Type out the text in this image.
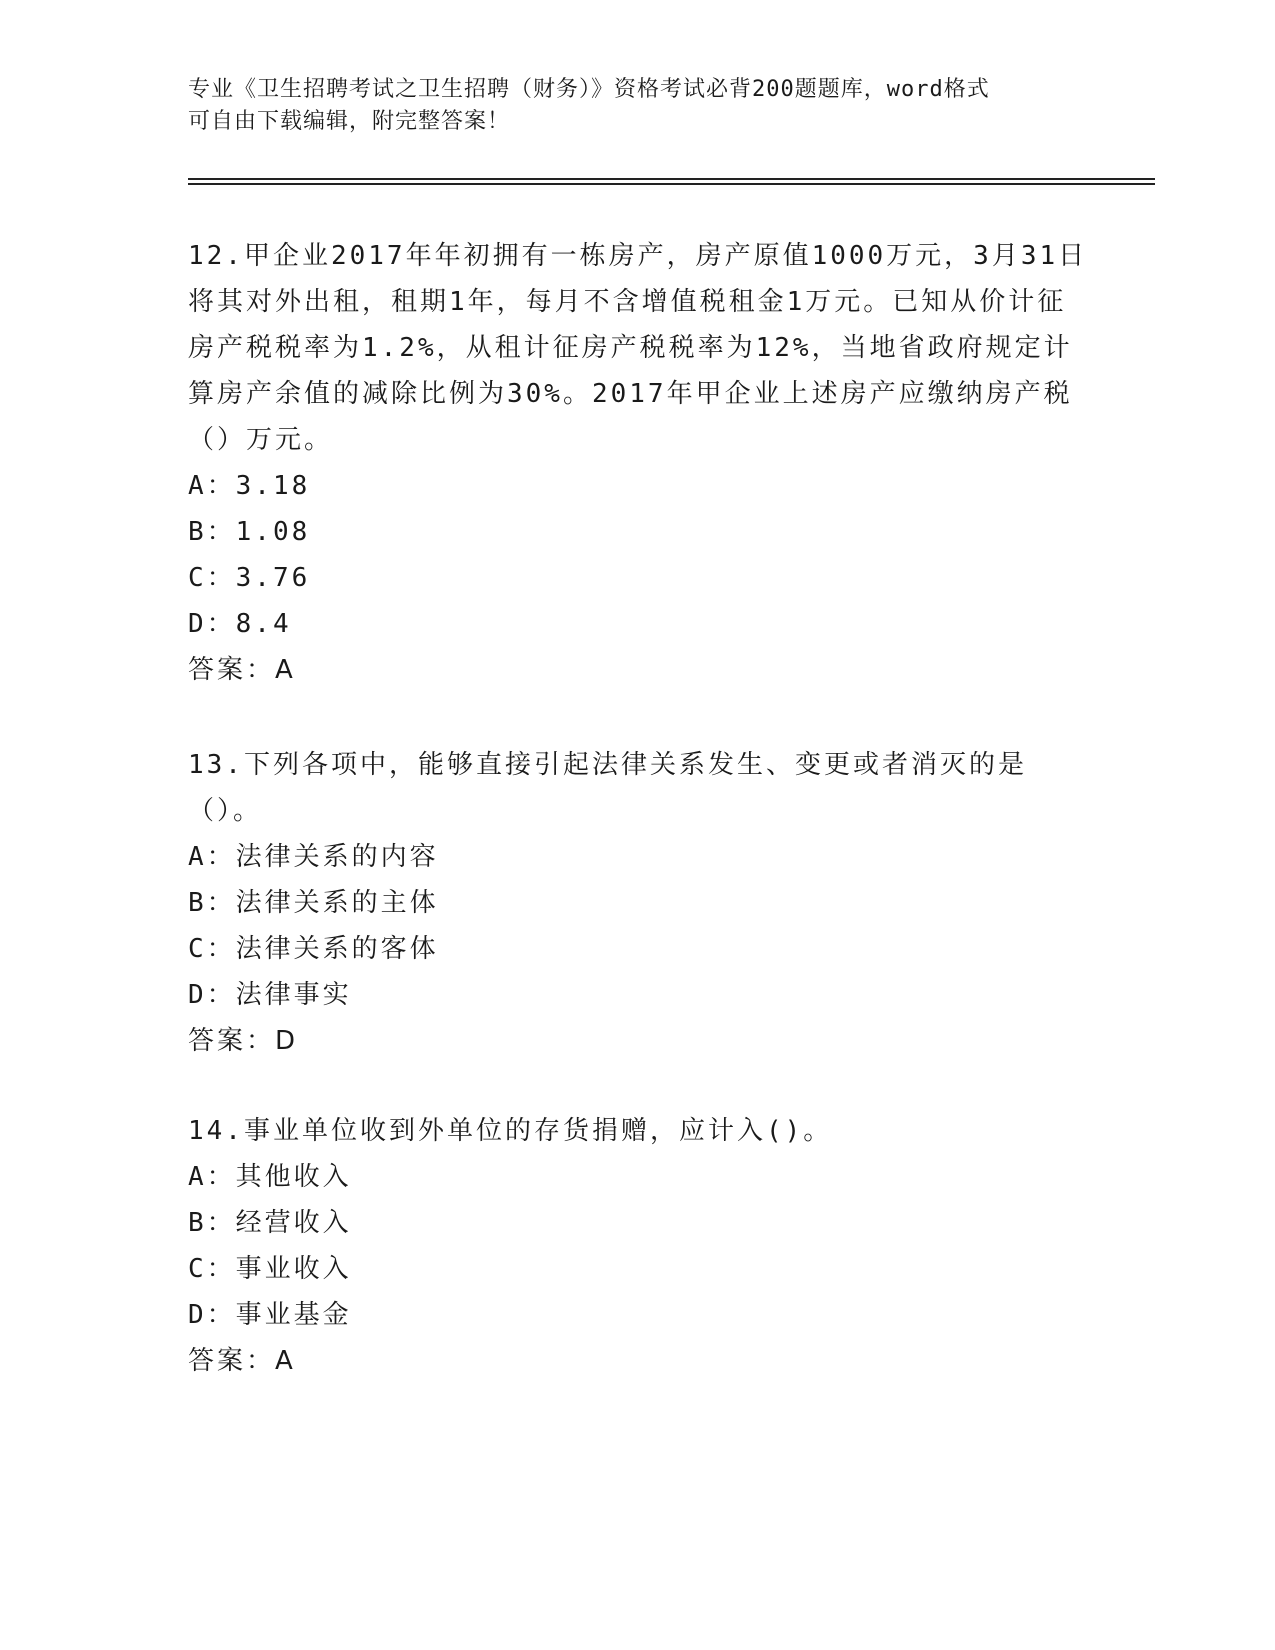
专业《卫生招聘考试之卫生招聘（财务）》资格考试必背200题题库，word格式
可自由下载编辑，附完整答案！
12.甲企业2017年年初拥有一栋房产，房产原值1000万元，3月31日将其对外出租，租期1年，每月不含增值税租金1万元。已知从价计征房产税税率为1.2%，从租计征房产税税率为12%，当地省政府规定计算房产余值的减除比例为30%。2017年甲企业上述房产应缴纳房产税（）万元。
A：3.18
B：1.08
C：3.76
D：8.4
答案：A
13.下列各项中，能够直接引起法律关系发生、变更或者消灭的是（）。
A：法律关系的内容
B：法律关系的主体
C：法律关系的客体
D：法律事实
答案：D
14.事业单位收到外单位的存货捐赠，应计入()。
A：其他收入
B：经营收入
C：事业收入
D：事业基金
答案：A
